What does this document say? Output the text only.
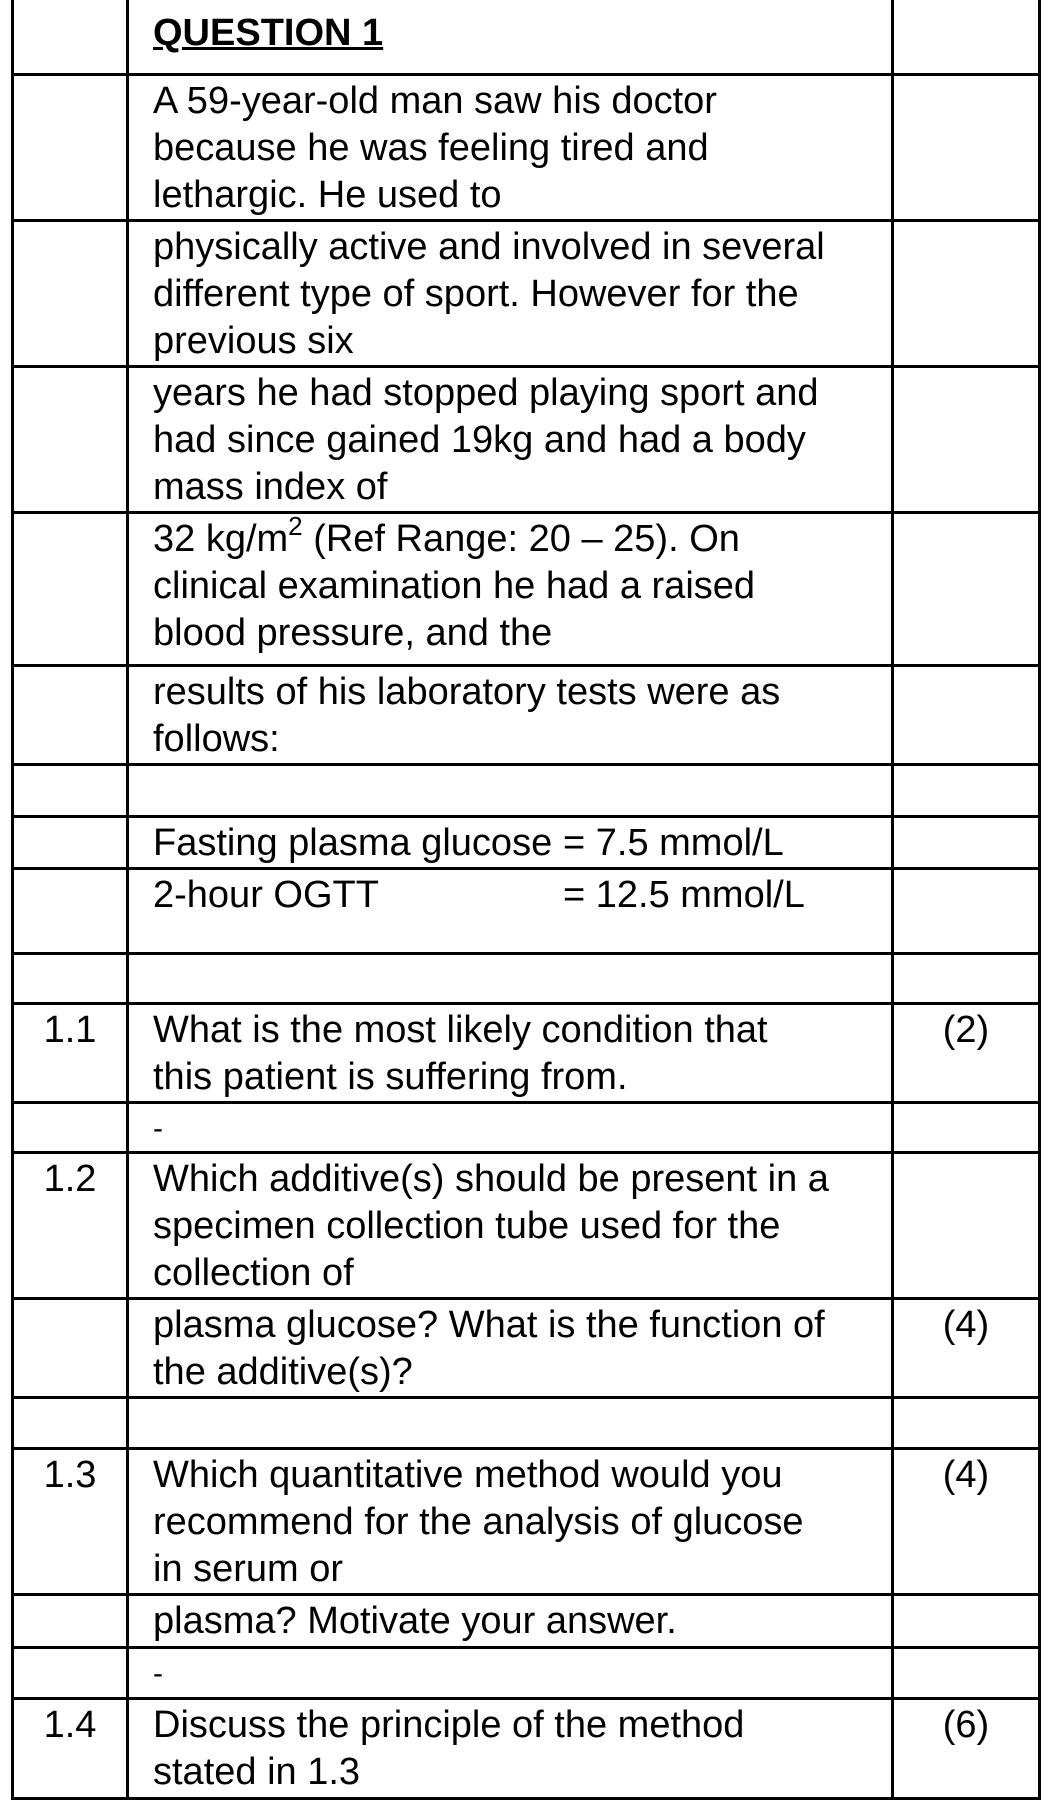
	QUESTION 1	

	A 59-year-old man saw his doctor
because he was feeling tired and
lethargic. He used to	

	physically active and involved in several
different type of sport. However for the
previous six	

	years he had stopped playing sport and
had since gained 19kg and had a body
mass index of	

	32 $kg/m^2$ (Ref Range: 20 – 25). On
clinical examination he had a raised
blood pressure, and the	

	results of his laboratory tests were as
follows:	

	Fasting plasma glucose = 7.5 mmol/L	

	2-hour OGTT = 12.5 mmol/L	

1.1	What is the most likely condition that
this patient is suffering from.	(2)

	-	

1.2	Which additive(s) should be present in a
specimen collection tube used for the
collection of	

	plasma glucose? What is the function of
the additive(s)?	(4)

1.3	Which quantitative method would you
recommend for the analysis of glucose
in serum or	(4)

	plasma? Motivate your answer.	

	-	

1.4	Discuss the principle of the method
stated in 1.3	(6)
